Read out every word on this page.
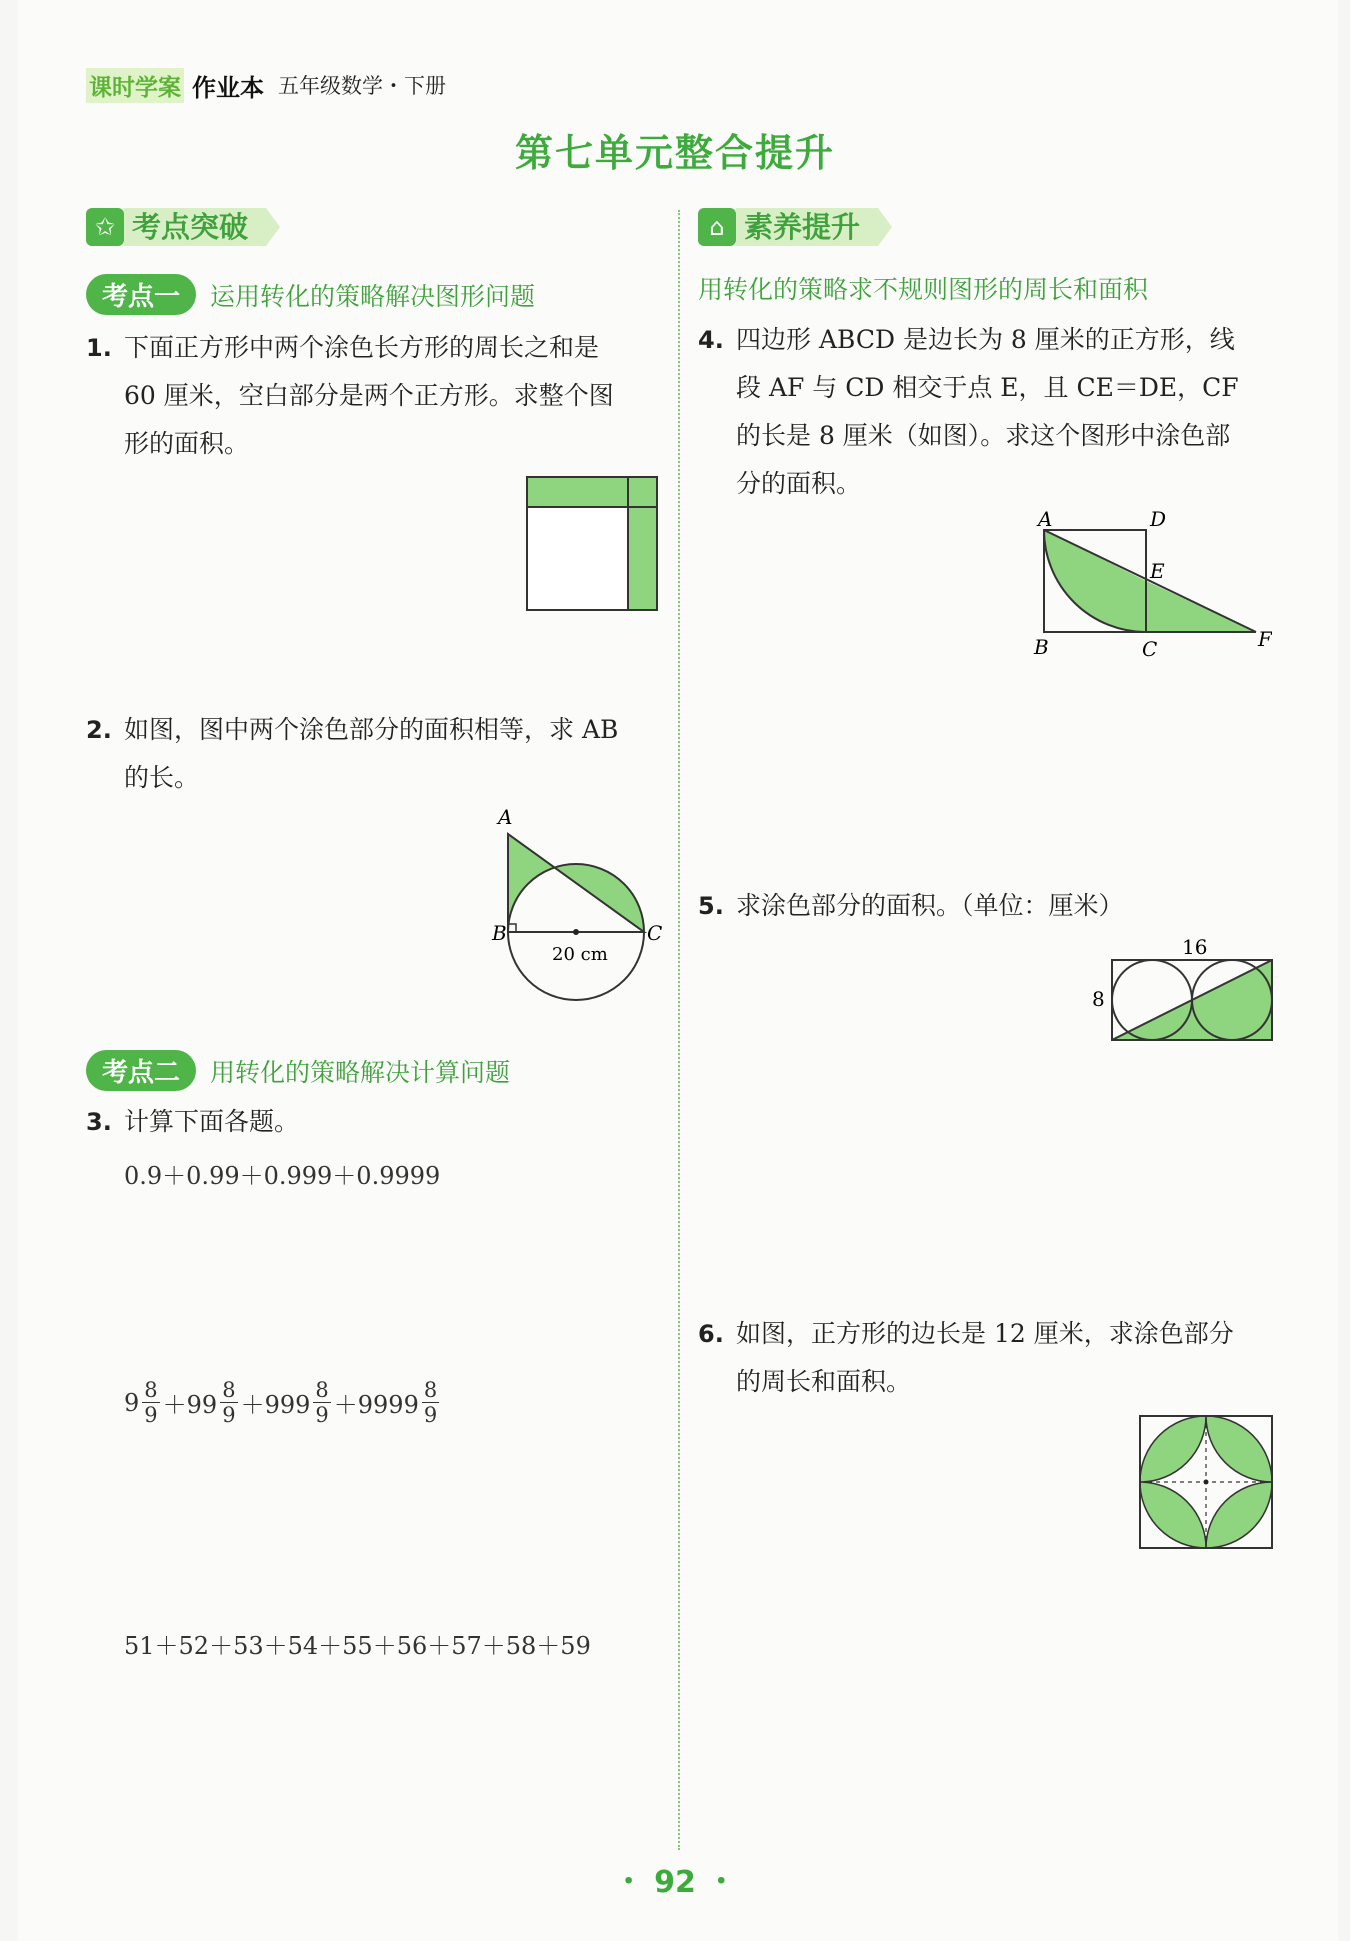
课时学案 作业本 五年级数学・下册
第七单元整合提升
✩ 考点突破	⌂ 素养提升
考点一	运用转化的策略解决图形问题	用转化的策略求不规则图形的周长和面积
1. 下面正方形中两个涂色长方形的周长之和是
60 厘米，空白部分是两个正方形。求整个图
形的面积。
2. 如图，图中两个涂色部分的面积相等，求 AB
的长。
A
B	C
20 cm
考点二	用转化的策略解决计算问题
3. 计算下面各题。
0.9＋0.99＋0.999＋0.9999
$9 \frac{8}{9} +99 \frac{8}{9} +999 \frac{8}{9} +9999 \frac{8}{9}$
51＋52＋53＋54＋55＋56＋57＋58＋59
4. 四边形 ABCD 是边长为 8 厘米的正方形，线
段 AF 与 CD 相交于点 E，且 CE＝DE，CF
的长是 8 厘米（如图）。求这个图形中涂色部
分的面积。
A	D
E
B	C	F
5. 求涂色部分的面积。（单位：厘米）
16
8
6. 如图，正方形的边长是 12 厘米，求涂色部分
的周长和面积。
・ 92 ・
